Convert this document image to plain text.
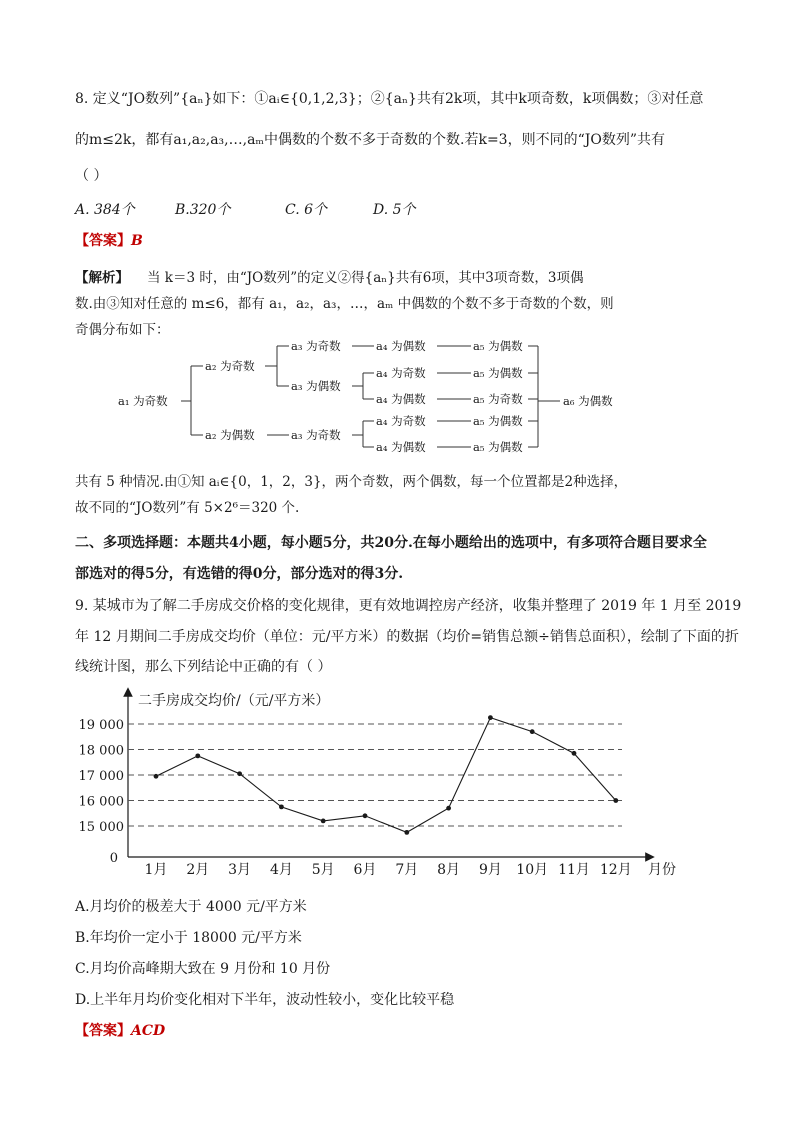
8. 定义“JO数列”{aₙ}如下：①aᵢ∈{0,1,2,3}；②{aₙ}共有2k项，其中k项奇数，k项偶数；③对任意
的m≤2k，都有a₁,a₂,a₃,…,aₘ中偶数的个数不多于奇数的个数.若k=3，则不同的“JO数列”共有
（ ）
A. 384个	B.320个	C. 6个	D. 5个
【答案】B
【解析】 当 k＝3 时，由“JO数列”的定义②得{aₙ}共有6项，其中3项奇数，3项偶
数.由③知对任意的 m≤6，都有 a₁，a₂，a₃，…，aₘ 中偶数的个数不多于奇数的个数，则
奇偶分布如下：
a₁ 为奇数
a₂ 为奇数
a₂ 为偶数
a₃ 为奇数
a₃ 为偶数
a₃ 为奇数
a₄ 为偶数
a₄ 为奇数
a₄ 为偶数
a₄ 为奇数
a₄ 为偶数
a₅ 为偶数
a₅ 为偶数
a₅ 为奇数
a₅ 为偶数
a₅ 为偶数
a₆ 为偶数
共有 5 种情况.由①知 aᵢ∈{0，1，2，3}，两个奇数，两个偶数，每一个位置都是2种选择，
故不同的“JO数列”有 5×2⁶＝320 个.
二、多项选择题：本题共4小题，每小题5分，共20分.在每小题给出的选项中，有多项符合题目要求全
部选对的得5分，有选错的得0分，部分选对的得3分.
9. 某城市为了解二手房成交价格的变化规律，更有效地调控房产经济，收集并整理了 2019 年 1 月至 2019
年 12 月期间二手房成交均价（单位：元/平方米）的数据（均价=销售总额÷销售总面积），绘制了下面的折
线统计图，那么下列结论中正确的有（ ）
二手房成交均价/（元/平方米）
0
月份
19 000
18 000
17 000
16 000
15 000
1月 2月 3月 4月 5月 6月 7月 8月 9月 10月 11月 12月
A.月均价的极差大于 4000 元/平方米
B.年均价一定小于 18000 元/平方米
C.月均价高峰期大致在 9 月份和 10 月份
D.上半年月均价变化相对下半年，波动性较小，变化比较平稳
【答案】ACD
